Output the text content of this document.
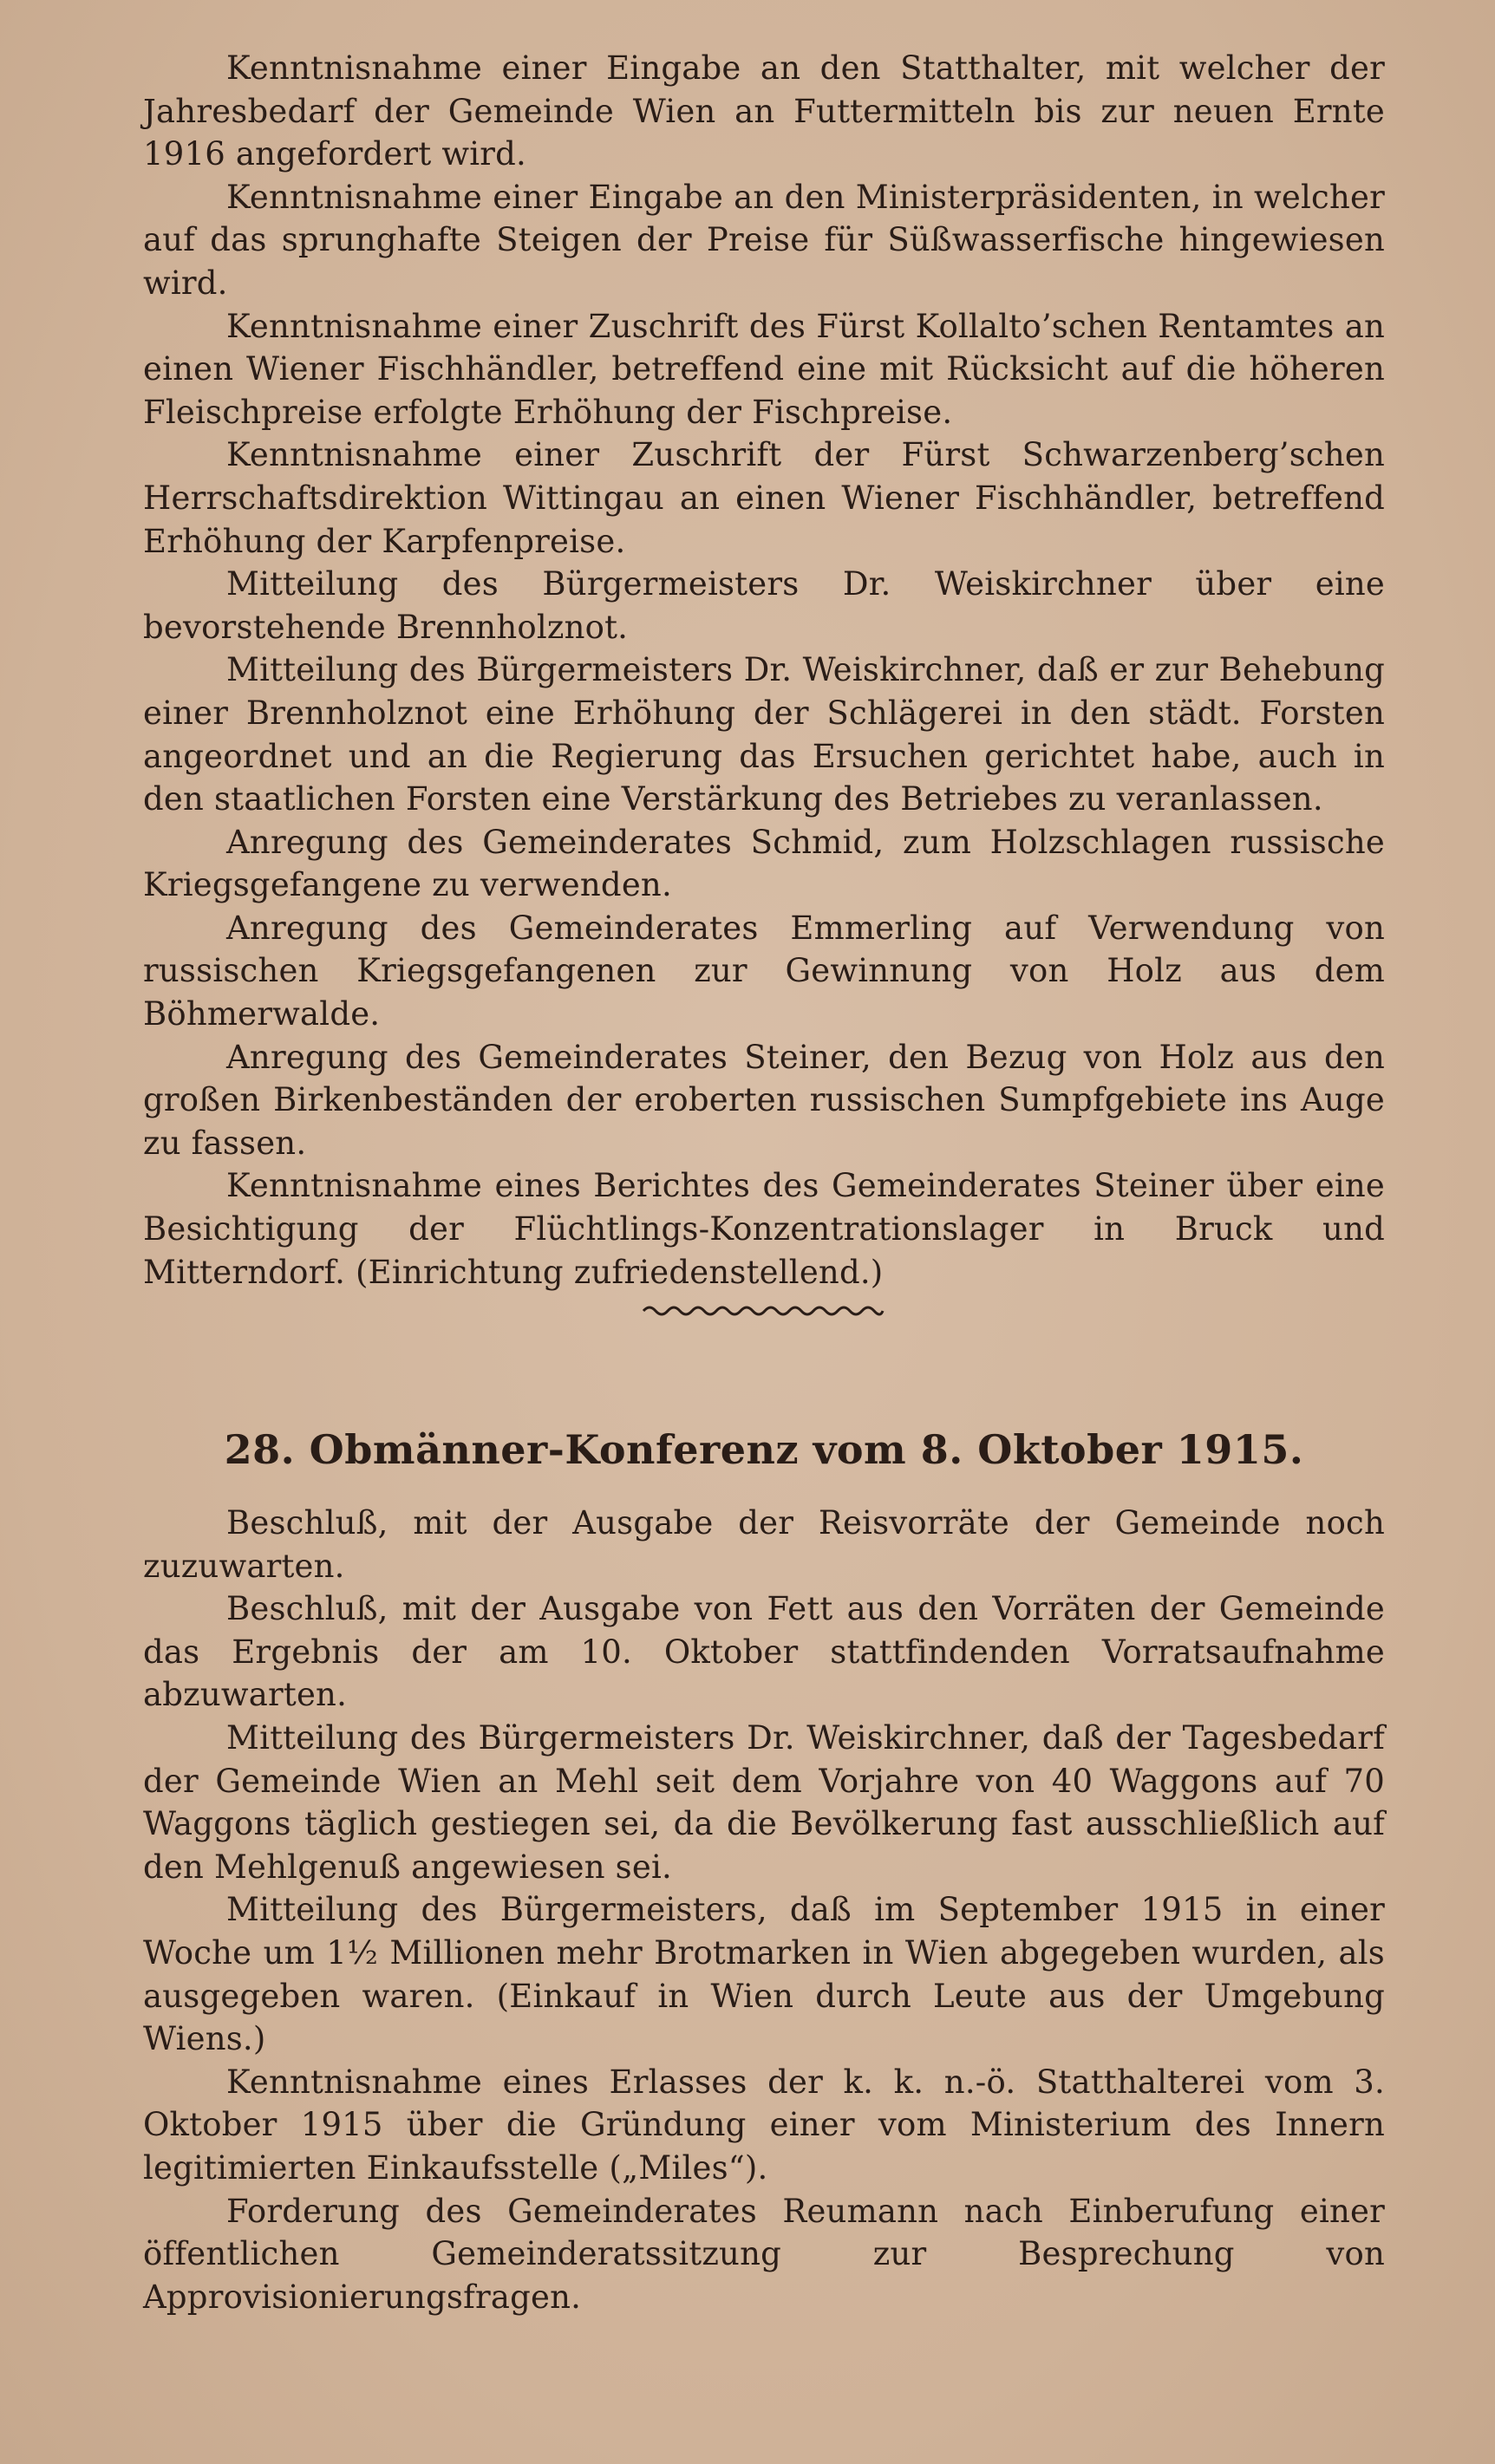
Kenntnisnahme einer Eingabe an den Statthalter, mit welcher der Jahresbedarf der Gemeinde Wien an Futtermitteln bis zur neuen Ernte 1916 angefordert wird.

Kenntnisnahme einer Eingabe an den Ministerpräsidenten, in welcher auf das sprunghafte Steigen der Preise für Süßwasserfische hingewiesen wird.

Kenntnisnahme einer Zuschrift des Fürst Kollalto’schen Rentamtes an einen Wiener Fischhändler, betreffend eine mit Rücksicht auf die höheren Fleischpreise erfolgte Erhöhung der Fischpreise.

Kenntnisnahme einer Zuschrift der Fürst Schwarzenberg’schen Herrschaftsdirektion Wittingau an einen Wiener Fischhändler, betreffend Erhöhung der Karpfenpreise.

Mitteilung des Bürgermeisters Dr. Weiskirchner über eine bevorstehende Brennholznot.

Mitteilung des Bürgermeisters Dr. Weiskirchner, daß er zur Behebung einer Brennholznot eine Erhöhung der Schlägerei in den städt. Forsten angeordnet und an die Regierung das Ersuchen gerichtet habe, auch in den staatlichen Forsten eine Verstärkung des Betriebes zu veranlassen.

Anregung des Gemeinderates Schmid, zum Holzschlagen russische Kriegsgefangene zu verwenden.

Anregung des Gemeinderates Emmerling auf Verwendung von russischen Kriegsgefangenen zur Gewinnung von Holz aus dem Böhmerwalde.

Anregung des Gemeinderates Steiner, den Bezug von Holz aus den großen Birkenbeständen der eroberten russischen Sumpfgebiete ins Auge zu fassen.

Kenntnisnahme eines Berichtes des Gemeinderates Steiner über eine Besichtigung der Flüchtlings-Konzentrationslager in Bruck und Mitterndorf. (Einrichtung zufriedenstellend.)

28. Obmänner-Konferenz vom 8. Oktober 1915.

Beschluß, mit der Ausgabe der Reisvorräte der Gemeinde noch zuzuwarten.

Beschluß, mit der Ausgabe von Fett aus den Vorräten der Gemeinde das Ergebnis der am 10. Oktober stattfindenden Vorratsaufnahme abzuwarten.

Mitteilung des Bürgermeisters Dr. Weiskirchner, daß der Tagesbedarf der Gemeinde Wien an Mehl seit dem Vorjahre von 40 Waggons auf 70 Waggons täglich gestiegen sei, da die Bevölkerung fast ausschließlich auf den Mehlgenuß angewiesen sei.

Mitteilung des Bürgermeisters, daß im September 1915 in einer Woche um 1½ Millionen mehr Brotmarken in Wien abgegeben wurden, als ausgegeben waren. (Einkauf in Wien durch Leute aus der Umgebung Wiens.)

Kenntnisnahme eines Erlasses der k. k. n.-ö. Statthalterei vom 3. Oktober 1915 über die Gründung einer vom Ministerium des Innern legitimierten Einkaufsstelle („Miles“).

Forderung des Gemeinderates Reumann nach Einberufung einer öffentlichen Gemeinderatssitzung zur Besprechung von Approvisionierungsfragen.
